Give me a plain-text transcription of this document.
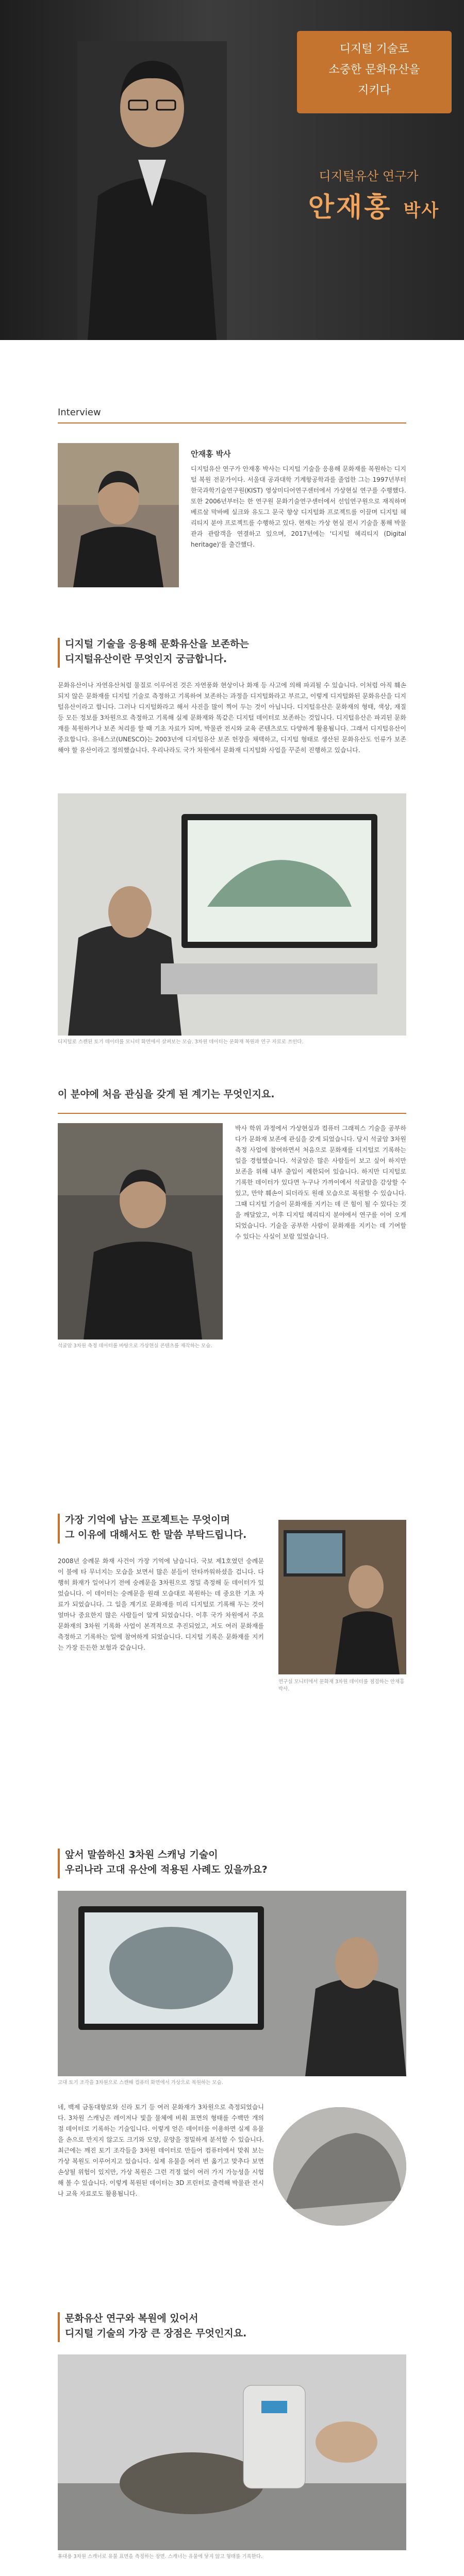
디지털 기술로
소중한 문화유산을
지키다
디지털유산 연구가
안재홍 박사
Interview
안재홍 박사
디지털유산 연구가 안재홍 박사는 디지털 기술을 응용해 문화재를 복원하는 디지털 복원 전문가이다. 서울대 공과대학 기계항공학과를 졸업한 그는 1997년부터 한국과학기술연구원(KIST) 영상미디어연구센터에서 가상현실 연구를 수행했다. 또한 2006년부터는 한 연구원 문화기술연구센터에서 선임연구원으로 재직하며 베르살 막바베 실크와 유도그 문국 향상 디지털화 프로젝트를 이끌며 디지털 헤리티지 분야 프로젝트를 수행하고 있다. 현재는 가상 현실 전시 기술을 통해 박물관과 관람객을 연결하고 있으며, 2017년에는 '디지털 헤리티지 (Digital heritage)'를 출간했다.
디지털 기술을 응용해 문화유산을 보존하는
디지털유산이란 무엇인지 궁금합니다.
문화유산이나 자연유산처럼 물질로 이루어진 것은 자연풍화 현상이나 화재 등 사고에 의해 파괴될 수 있습니다. 이처럼 아직 훼손되지 않은 문화재를 디지털 기술로 측정하고 기록하여 보존하는 과정을 디지털화라고 부르고, 이렇게 디지털화된 문화유산을 디지털유산이라고 합니다. 그러나 디지털화라고 해서 사진을 많이 찍어 두는 것이 아닙니다. 디지털유산은 문화재의 형태, 색상, 재질 등 모든 정보를 3차원으로 측정하고 기록해 실제 문화재와 똑같은 디지털 데이터로 보존하는 것입니다. 디지털유산은 파괴된 문화재를 복원하거나 보존 처리를 할 때 기초 자료가 되며, 박물관 전시와 교육 콘텐츠로도 다양하게 활용됩니다. 그래서 디지털유산이 중요합니다. 유네스코(UNESCO)는 2003년에 디지털유산 보존 헌장을 채택하고, 디지털 형태로 생산된 문화유산도 인류가 보존해야 할 유산이라고 정의했습니다. 우리나라도 국가 차원에서 문화재 디지털화 사업을 꾸준히 진행하고 있습니다.
디지털로 스캔된 토기 데이터를 모니터 화면에서 살펴보는 모습. 3차원 데이터는 문화재 복원과 연구 자료로 쓰인다.
이 분야에 처음 관심을 갖게 된 계기는 무엇인지요.
석굴암 3차원 측정 데이터를 바탕으로 가상현실 콘텐츠를 제작하는 모습.
박사 학위 과정에서 가상현실과 컴퓨터 그래픽스 기술을 공부하다가 문화재 보존에 관심을 갖게 되었습니다. 당시 석굴암 3차원 측정 사업에 참여하면서 처음으로 문화재를 디지털로 기록하는 일을 경험했습니다. 석굴암은 많은 사람들이 보고 싶어 하지만 보존을 위해 내부 출입이 제한되어 있습니다. 하지만 디지털로 기록한 데이터가 있다면 누구나 가까이에서 석굴암을 감상할 수 있고, 만약 훼손이 되더라도 원래 모습으로 복원할 수 있습니다. 그때 디지털 기술이 문화재를 지키는 데 큰 힘이 될 수 있다는 것을 깨달았고, 이후 디지털 헤리티지 분야에서 연구를 이어 오게 되었습니다. 기술을 공부한 사람이 문화재를 지키는 데 기여할 수 있다는 사실이 보람 있었습니다.
가장 기억에 남는 프로젝트는 무엇이며
그 이유에 대해서도 한 말씀 부탁드립니다.
2008년 숭례문 화재 사건이 가장 기억에 남습니다. 국보 제1호였던 숭례문이 불에 타 무너지는 모습을 보면서 많은 분들이 안타까워하셨을 겁니다. 다행히 화재가 일어나기 전에 숭례문을 3차원으로 정밀 측정해 둔 데이터가 있었습니다. 이 데이터는 숭례문을 원래 모습대로 복원하는 데 중요한 기초 자료가 되었습니다. 그 일을 계기로 문화재를 미리 디지털로 기록해 두는 것이 얼마나 중요한지 많은 사람들이 알게 되었습니다. 이후 국가 차원에서 주요 문화재의 3차원 기록화 사업이 본격적으로 추진되었고, 저도 여러 문화재를 측정하고 기록하는 일에 참여하게 되었습니다. 디지털 기록은 문화재를 지키는 가장 든든한 보험과 같습니다.
연구실 모니터에서 문화재 3차원 데이터를 점검하는 안재홍 박사.
앞서 말씀하신 3차원 스캐닝 기술이
우리나라 고대 유산에 적용된 사례도 있을까요?
고대 토기 조각을 3차원으로 스캔해 컴퓨터 화면에서 가상으로 복원하는 모습.
네, 백제 금동대향로와 신라 토기 등 여러 문화재가 3차원으로 측정되었습니다. 3차원 스캐닝은 레이저나 빛을 물체에 비춰 표면의 형태를 수백만 개의 점 데이터로 기록하는 기술입니다. 이렇게 얻은 데이터를 이용하면 실제 유물을 손으로 만지지 않고도 크기와 모양, 문양을 정밀하게 분석할 수 있습니다. 최근에는 깨진 토기 조각들을 3차원 데이터로 만들어 컴퓨터에서 맞춰 보는 가상 복원도 이루어지고 있습니다. 실제 유물을 여러 번 옮기고 맞추다 보면 손상될 위험이 있지만, 가상 복원은 그런 걱정 없이 여러 가지 가능성을 시험해 볼 수 있습니다. 이렇게 복원된 데이터는 3D 프린터로 출력해 박물관 전시나 교육 자료로도 활용됩니다.
문화유산 연구와 복원에 있어서
디지털 기술의 가장 큰 장점은 무엇인지요.
휴대용 3차원 스캐너로 유물 표면을 측정하는 장면. 스캐너는 유물에 닿지 않고 형태를 기록한다.
